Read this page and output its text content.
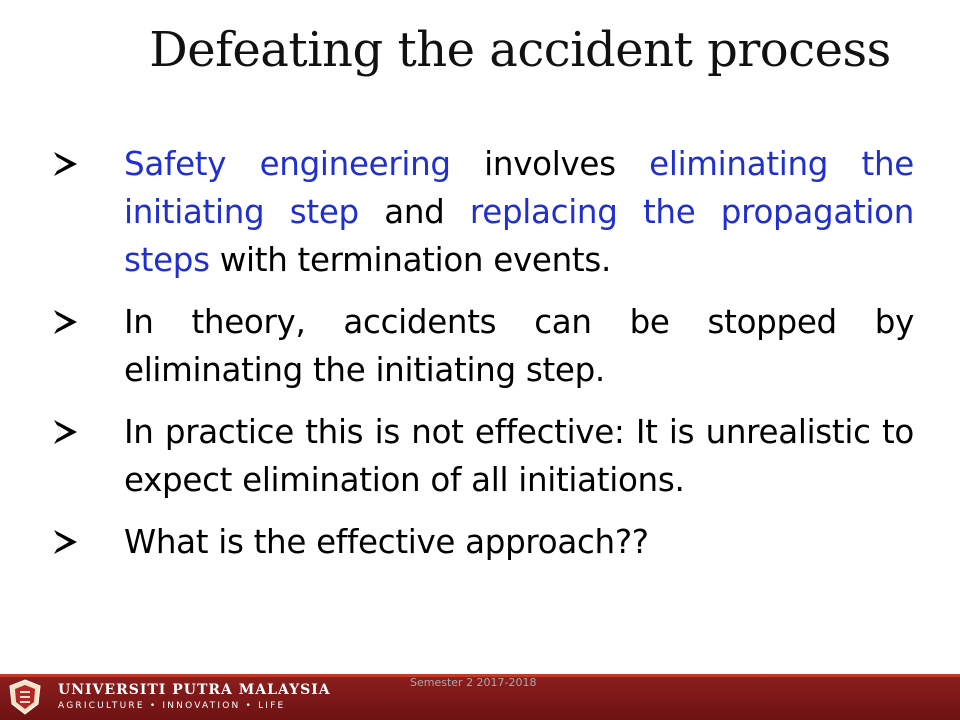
Defeating the accident process
Safety engineering involves eliminating the initiating step and replacing the propagation steps with termination events.
In theory, accidents can be stopped by eliminating the initiating step.
In practice this is not effective: It is unrealistic to expect elimination of all initiations.
What is the effective approach??
UNIVERSITI PUTRA MALAYSIA
AGRICULTURE • INNOVATION • LIFE
Semester 2 2017-2018
